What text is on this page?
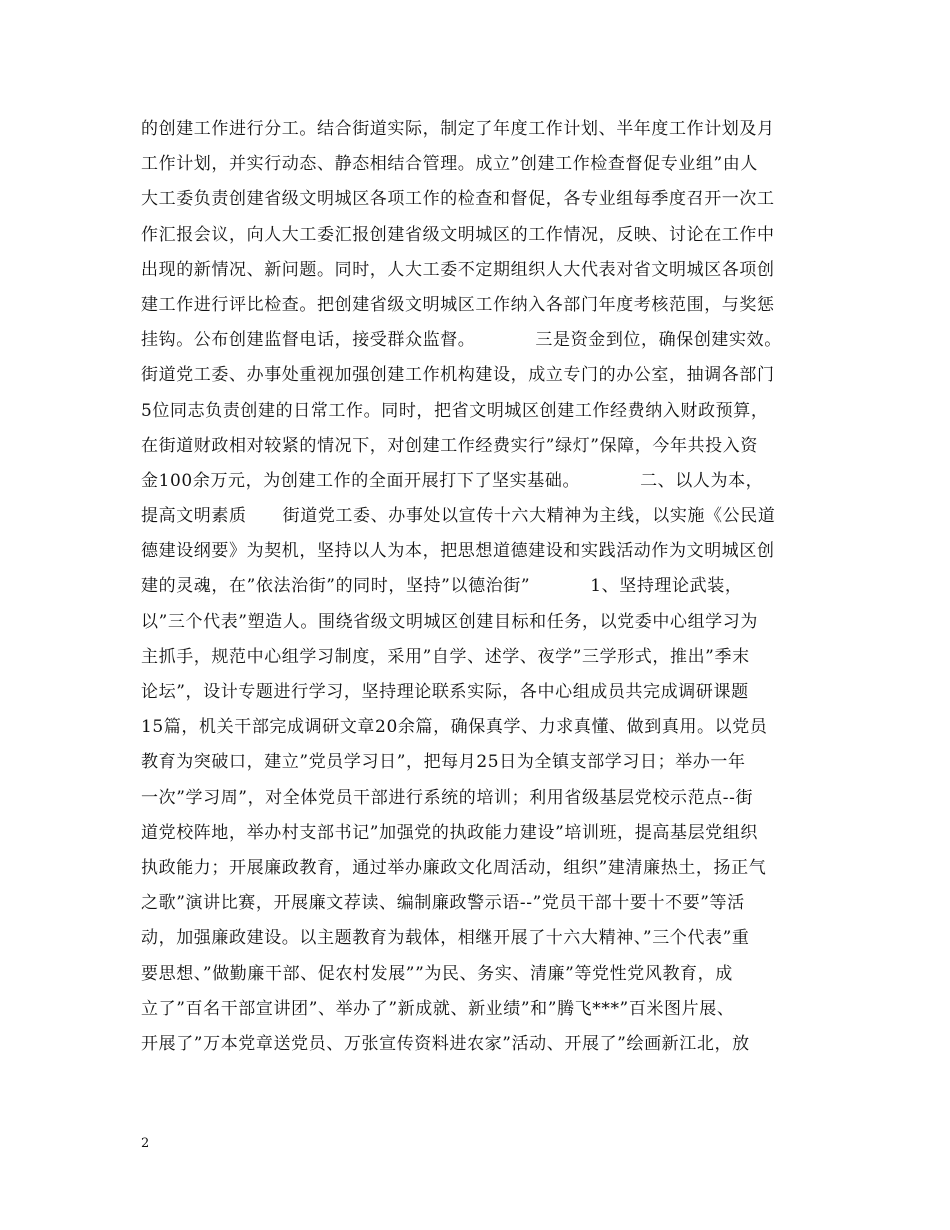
的创建工作进行分工。结合街道实际，制定了年度工作计划、半年度工作计划及月
工作计划，并实行动态、静态相结合管理。成立”创建工作检查督促专业组”由人
大工委负责创建省级文明城区各项工作的检查和督促，各专业组每季度召开一次工
作汇报会议，向人大工委汇报创建省级文明城区的工作情况，反映、讨论在工作中
出现的新情况、新问题。同时，人大工委不定期组织人大代表对省文明城区各项创
建工作进行评比检查。把创建省级文明城区工作纳入各部门年度考核范围，与奖惩
挂钩。公布创建监督电话，接受群众监督。          三是资金到位，确保创建实效。
街道党工委、办事处重视加强创建工作机构建设，成立专门的办公室，抽调各部门
5位同志负责创建的日常工作。同时，把省文明城区创建工作经费纳入财政预算，
在街道财政相对较紧的情况下，对创建工作经费实行”绿灯”保障，今年共投入资
金100余万元，为创建工作的全面开展打下了坚实基础。          二、以人为本，
提高文明素质      街道党工委、办事处以宣传十六大精神为主线，以实施《公民道
德建设纲要》为契机，坚持以人为本，把思想道德建设和实践活动作为文明城区创
建的灵魂，在”依法治街”的同时，坚持”以德治街”          1、坚持理论武装，
以”三个代表”塑造人。围绕省级文明城区创建目标和任务，以党委中心组学习为
主抓手，规范中心组学习制度，采用”自学、述学、夜学”三学形式，推出”季末
论坛”，设计专题进行学习，坚持理论联系实际，各中心组成员共完成调研课题
15篇，机关干部完成调研文章20余篇，确保真学、力求真懂、做到真用。以党员
教育为突破口，建立”党员学习日”，把每月25日为全镇支部学习日；举办一年
一次”学习周”，对全体党员干部进行系统的培训；利用省级基层党校示范点--街
道党校阵地，举办村支部书记”加强党的执政能力建设”培训班，提高基层党组织
执政能力；开展廉政教育，通过举办廉政文化周活动，组织”建清廉热土，扬正气
之歌”演讲比赛，开展廉文荐读、编制廉政警示语--”党员干部十要十不要”等活
动，加强廉政建设。以主题教育为载体，相继开展了十六大精神、”三个代表”重
要思想、”做勤廉干部、促农村发展””为民、务实、清廉”等党性党风教育，成
立了”百名干部宣讲团”、举办了”新成就、新业绩”和”腾飞***”百米图片展、
开展了”万本党章送党员、万张宣传资料进农家”活动、开展了”绘画新江北，放
2
